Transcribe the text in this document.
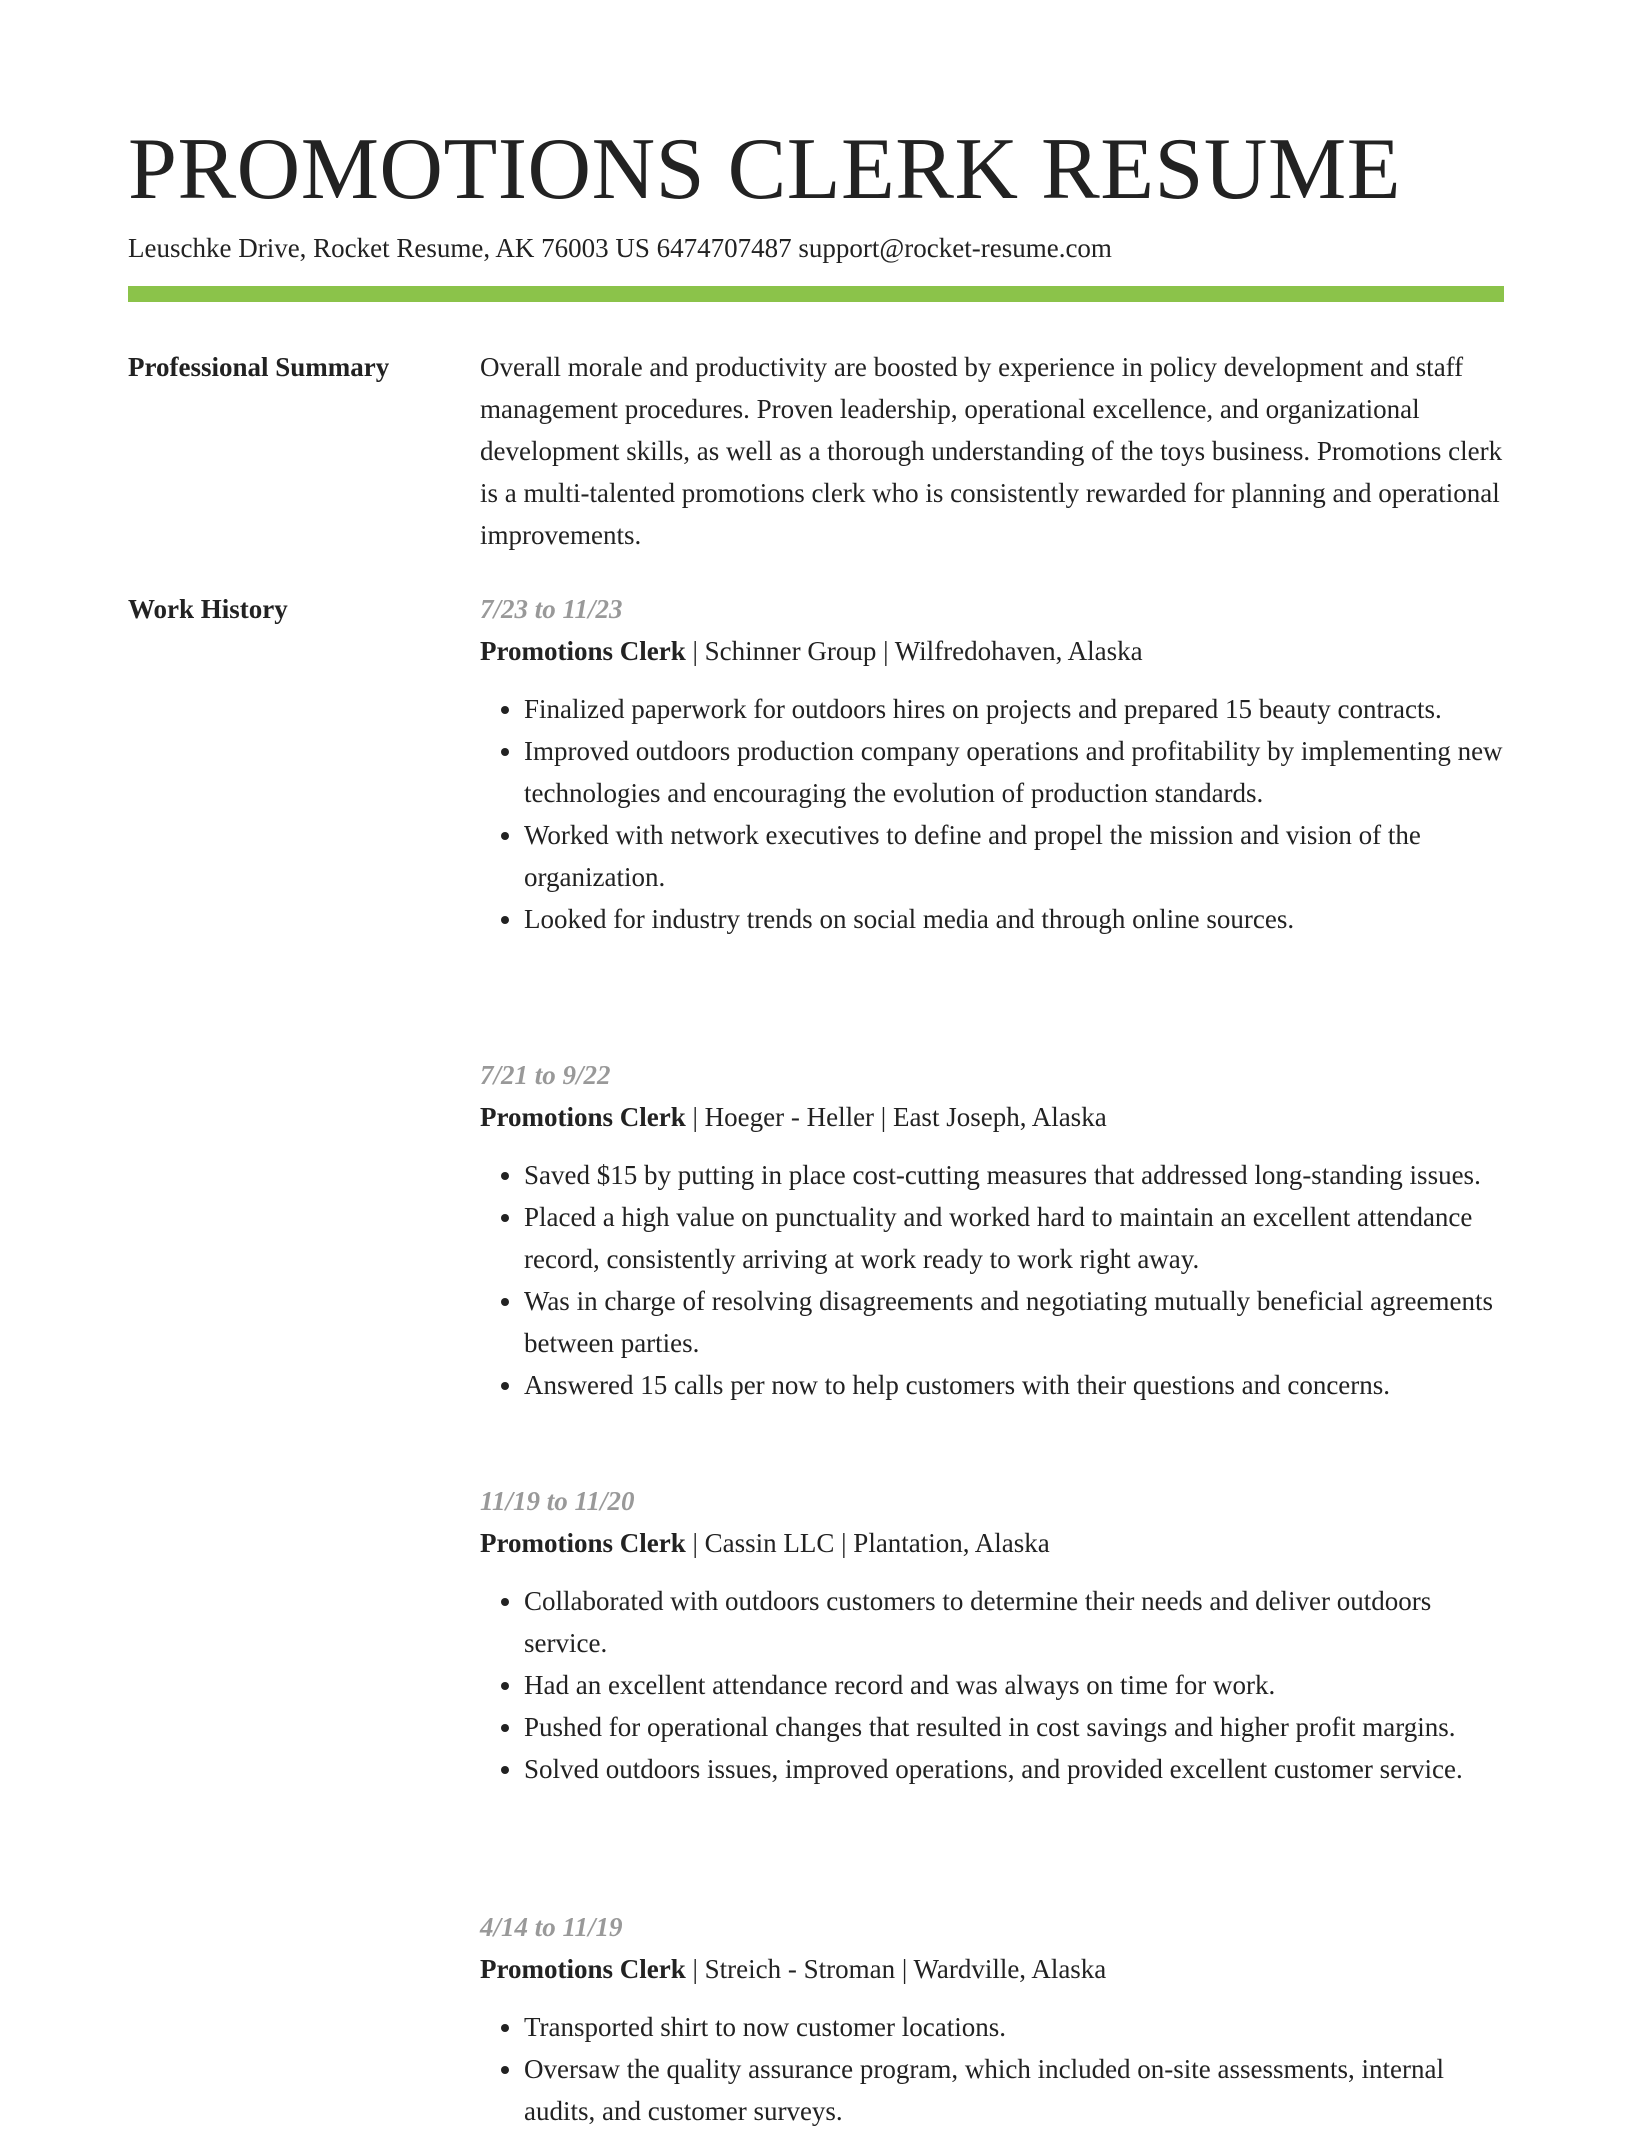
PROMOTIONS CLERK RESUME
Leuschke Drive, Rocket Resume, AK 76003 US 6474707487 support@rocket-resume.com
Professional Summary	Overall morale and productivity are boosted by experience in policy development and staff management procedures. Proven leadership, operational excellence, and organizational development skills, as well as a thorough understanding of the toys business. Promotions clerk is a multi-talented promotions clerk who is consistently rewarded for planning and operational improvements.

Work History	7/23 to 11/23
Promotions Clerk | Schinner Group | Wilfredohaven, Alaska
• Finalized paperwork for outdoors hires on projects and prepared 15 beauty contracts.
• Improved outdoors production company operations and profitability by implementing new technologies and encouraging the evolution of production standards.
• Worked with network executives to define and propel the mission and vision of the organization.
• Looked for industry trends on social media and through online sources.
7/21 to 9/22
Promotions Clerk | Hoeger - Heller | East Joseph, Alaska
• Saved $15 by putting in place cost-cutting measures that addressed long-standing issues.
• Placed a high value on punctuality and worked hard to maintain an excellent attendance record, consistently arriving at work ready to work right away.
• Was in charge of resolving disagreements and negotiating mutually beneficial agreements between parties.
• Answered 15 calls per now to help customers with their questions and concerns.
11/19 to 11/20
Promotions Clerk | Cassin LLC | Plantation, Alaska
• Collaborated with outdoors customers to determine their needs and deliver outdoors service.
• Had an excellent attendance record and was always on time for work.
• Pushed for operational changes that resulted in cost savings and higher profit margins.
• Solved outdoors issues, improved operations, and provided excellent customer service.
4/14 to 11/19
Promotions Clerk | Streich - Stroman | Wardville, Alaska
• Transported shirt to now customer locations.
• Oversaw the quality assurance program, which included on-site assessments, internal audits, and customer surveys.
